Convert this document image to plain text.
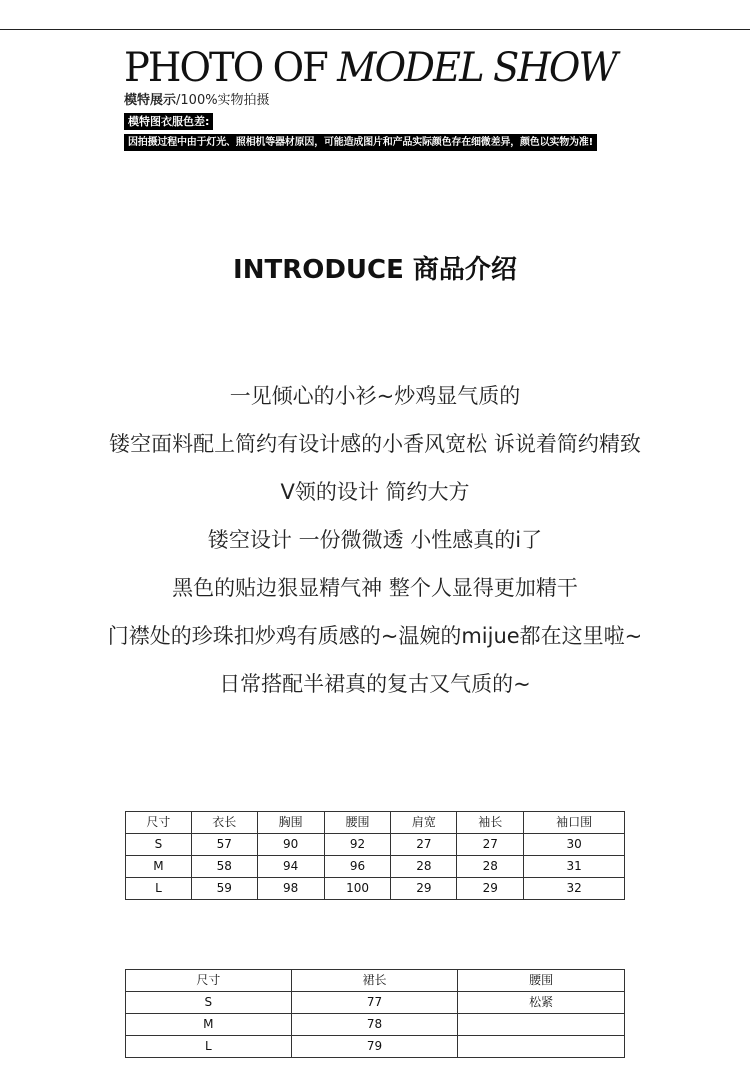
PHOTO OF MODEL SHOW
模特展示/100%实物拍摄
模特图衣服色差:
因拍摄过程中由于灯光、照相机等器材原因，可能造成图片和产品实际颜色存在细微差异，颜色以实物为准!
INTRODUCE 商品介绍
一见倾心的小衫~炒鸡显气质的
镂空面料配上简约有设计感的小香风宽松 诉说着简约精致
V领的设计 简约大方
镂空设计 一份微微透 小性感真的i了
黑色的贴边狠显精气神 整个人显得更加精干
门襟处的珍珠扣炒鸡有质感的~温婉的mijue都在这里啦~
日常搭配半裙真的复古又气质的~
尺寸	衣长	胸围	腰围	肩宽	袖长	袖口围
S	57	90	92	27	27	30
M	58	94	96	28	28	31
L	59	98	100	29	29	32
尺寸	裙长	腰围
S	77	松紧
M	78	
L	79	
